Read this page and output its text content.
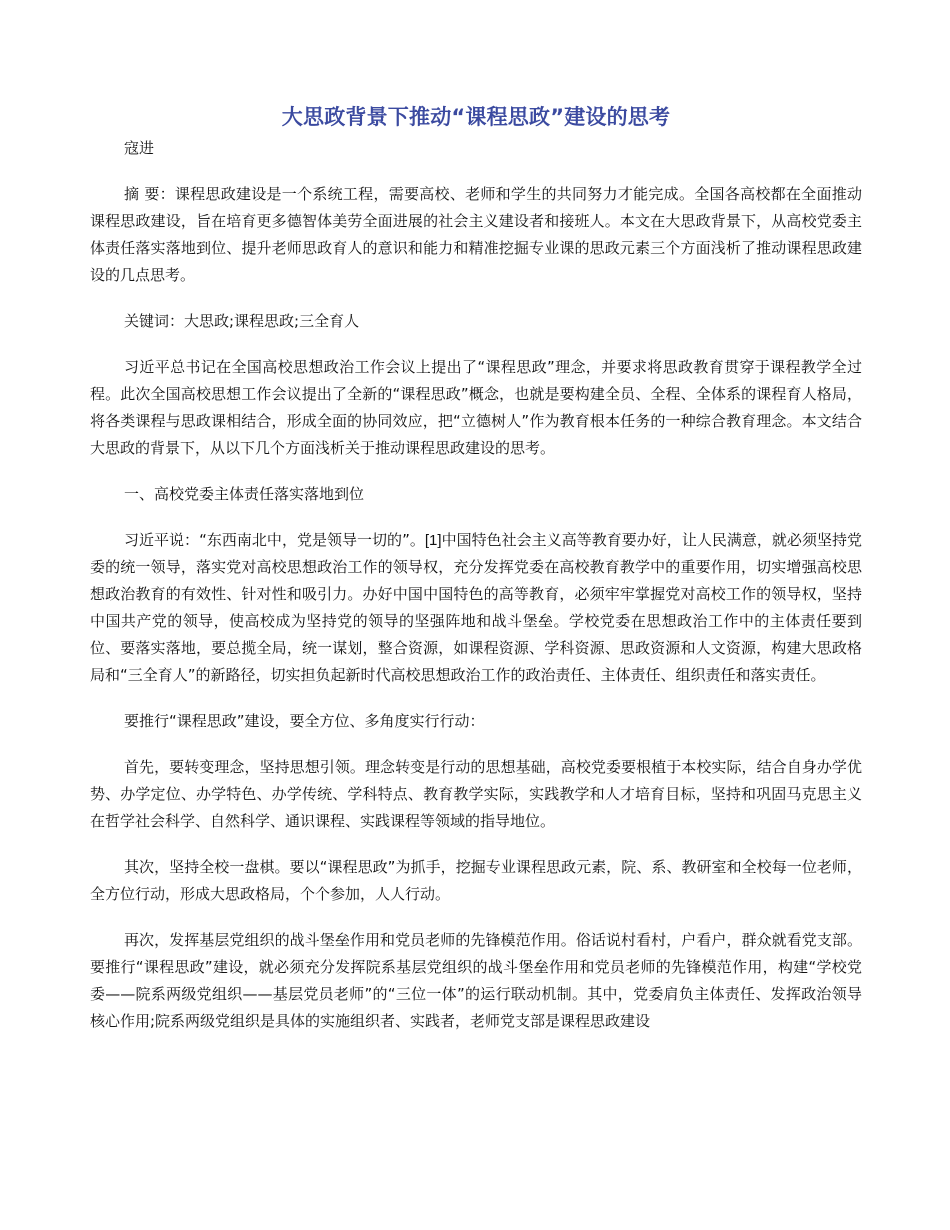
大思政背景下推动“课程思政”建设的思考

寇进

摘 要：课程思政建设是一个系统工程，需要高校、老师和学生的共同努力才能完成。全国各高校都在全面推动课程思政建设，旨在培育更多德智体美劳全面进展的社会主义建设者和接班人。本文在大思政背景下，从高校党委主体责任落实落地到位、提升老师思政育人的意识和能力和精准挖掘专业课的思政元素三个方面浅析了推动课程思政建设的几点思考。

关键词：大思政;课程思政;三全育人

习近平总书记在全国高校思想政治工作会议上提出了“课程思政”理念，并要求将思政教育贯穿于课程教学全过程。此次全国高校思想工作会议提出了全新的“课程思政”概念，也就是要构建全员、全程、全体系的课程育人格局，将各类课程与思政课相结合，形成全面的协同效应，把“立德树人”作为教育根本任务的一种综合教育理念。本文结合大思政的背景下，从以下几个方面浅析关于推动课程思政建设的思考。

一、高校党委主体责任落实落地到位

习近平说：“东西南北中，党是领导一切的”。[1]中国特色社会主义高等教育要办好，让人民满意，就必须坚持党委的统一领导，落实党对高校思想政治工作的领导权，充分发挥党委在高校教育教学中的重要作用，切实增强高校思想政治教育的有效性、针对性和吸引力。办好中国中国特色的高等教育，必须牢牢掌握党对高校工作的领导权，坚持中国共产党的领导，使高校成为坚持党的领导的坚强阵地和战斗堡垒。学校党委在思想政治工作中的主体责任要到位、要落实落地，要总揽全局，统一谋划，整合资源，如课程资源、学科资源、思政资源和人文资源，构建大思政格局和“三全育人”的新路径，切实担负起新时代高校思想政治工作的政治责任、主体责任、组织责任和落实责任。

要推行“课程思政”建设，要全方位、多角度实行行动：

首先，要转变理念，坚持思想引领。理念转变是行动的思想基础，高校党委要根植于本校实际，结合自身办学优势、办学定位、办学特色、办学传统、学科特点、教育教学实际，实践教学和人才培育目标，坚持和巩固马克思主义在哲学社会科学、自然科学、通识课程、实践课程等领域的指导地位。

其次，坚持全校一盘棋。要以“课程思政”为抓手，挖掘专业课程思政元素，院、系、教研室和全校每一位老师，全方位行动，形成大思政格局，个个参加，人人行动。

再次，发挥基层党组织的战斗堡垒作用和党员老师的先锋模范作用。俗话说村看村，户看户，群众就看党支部。要推行“课程思政”建设，就必须充分发挥院系基层党组织的战斗堡垒作用和党员老师的先锋模范作用，构建“学校党委——院系两级党组织——基层党员老师”的“三位一体”的运行联动机制。其中，党委肩负主体责任、发挥政治领导核心作用;院系两级党组织是具体的实施组织者、实践者，老师党支部是课程思政建设
